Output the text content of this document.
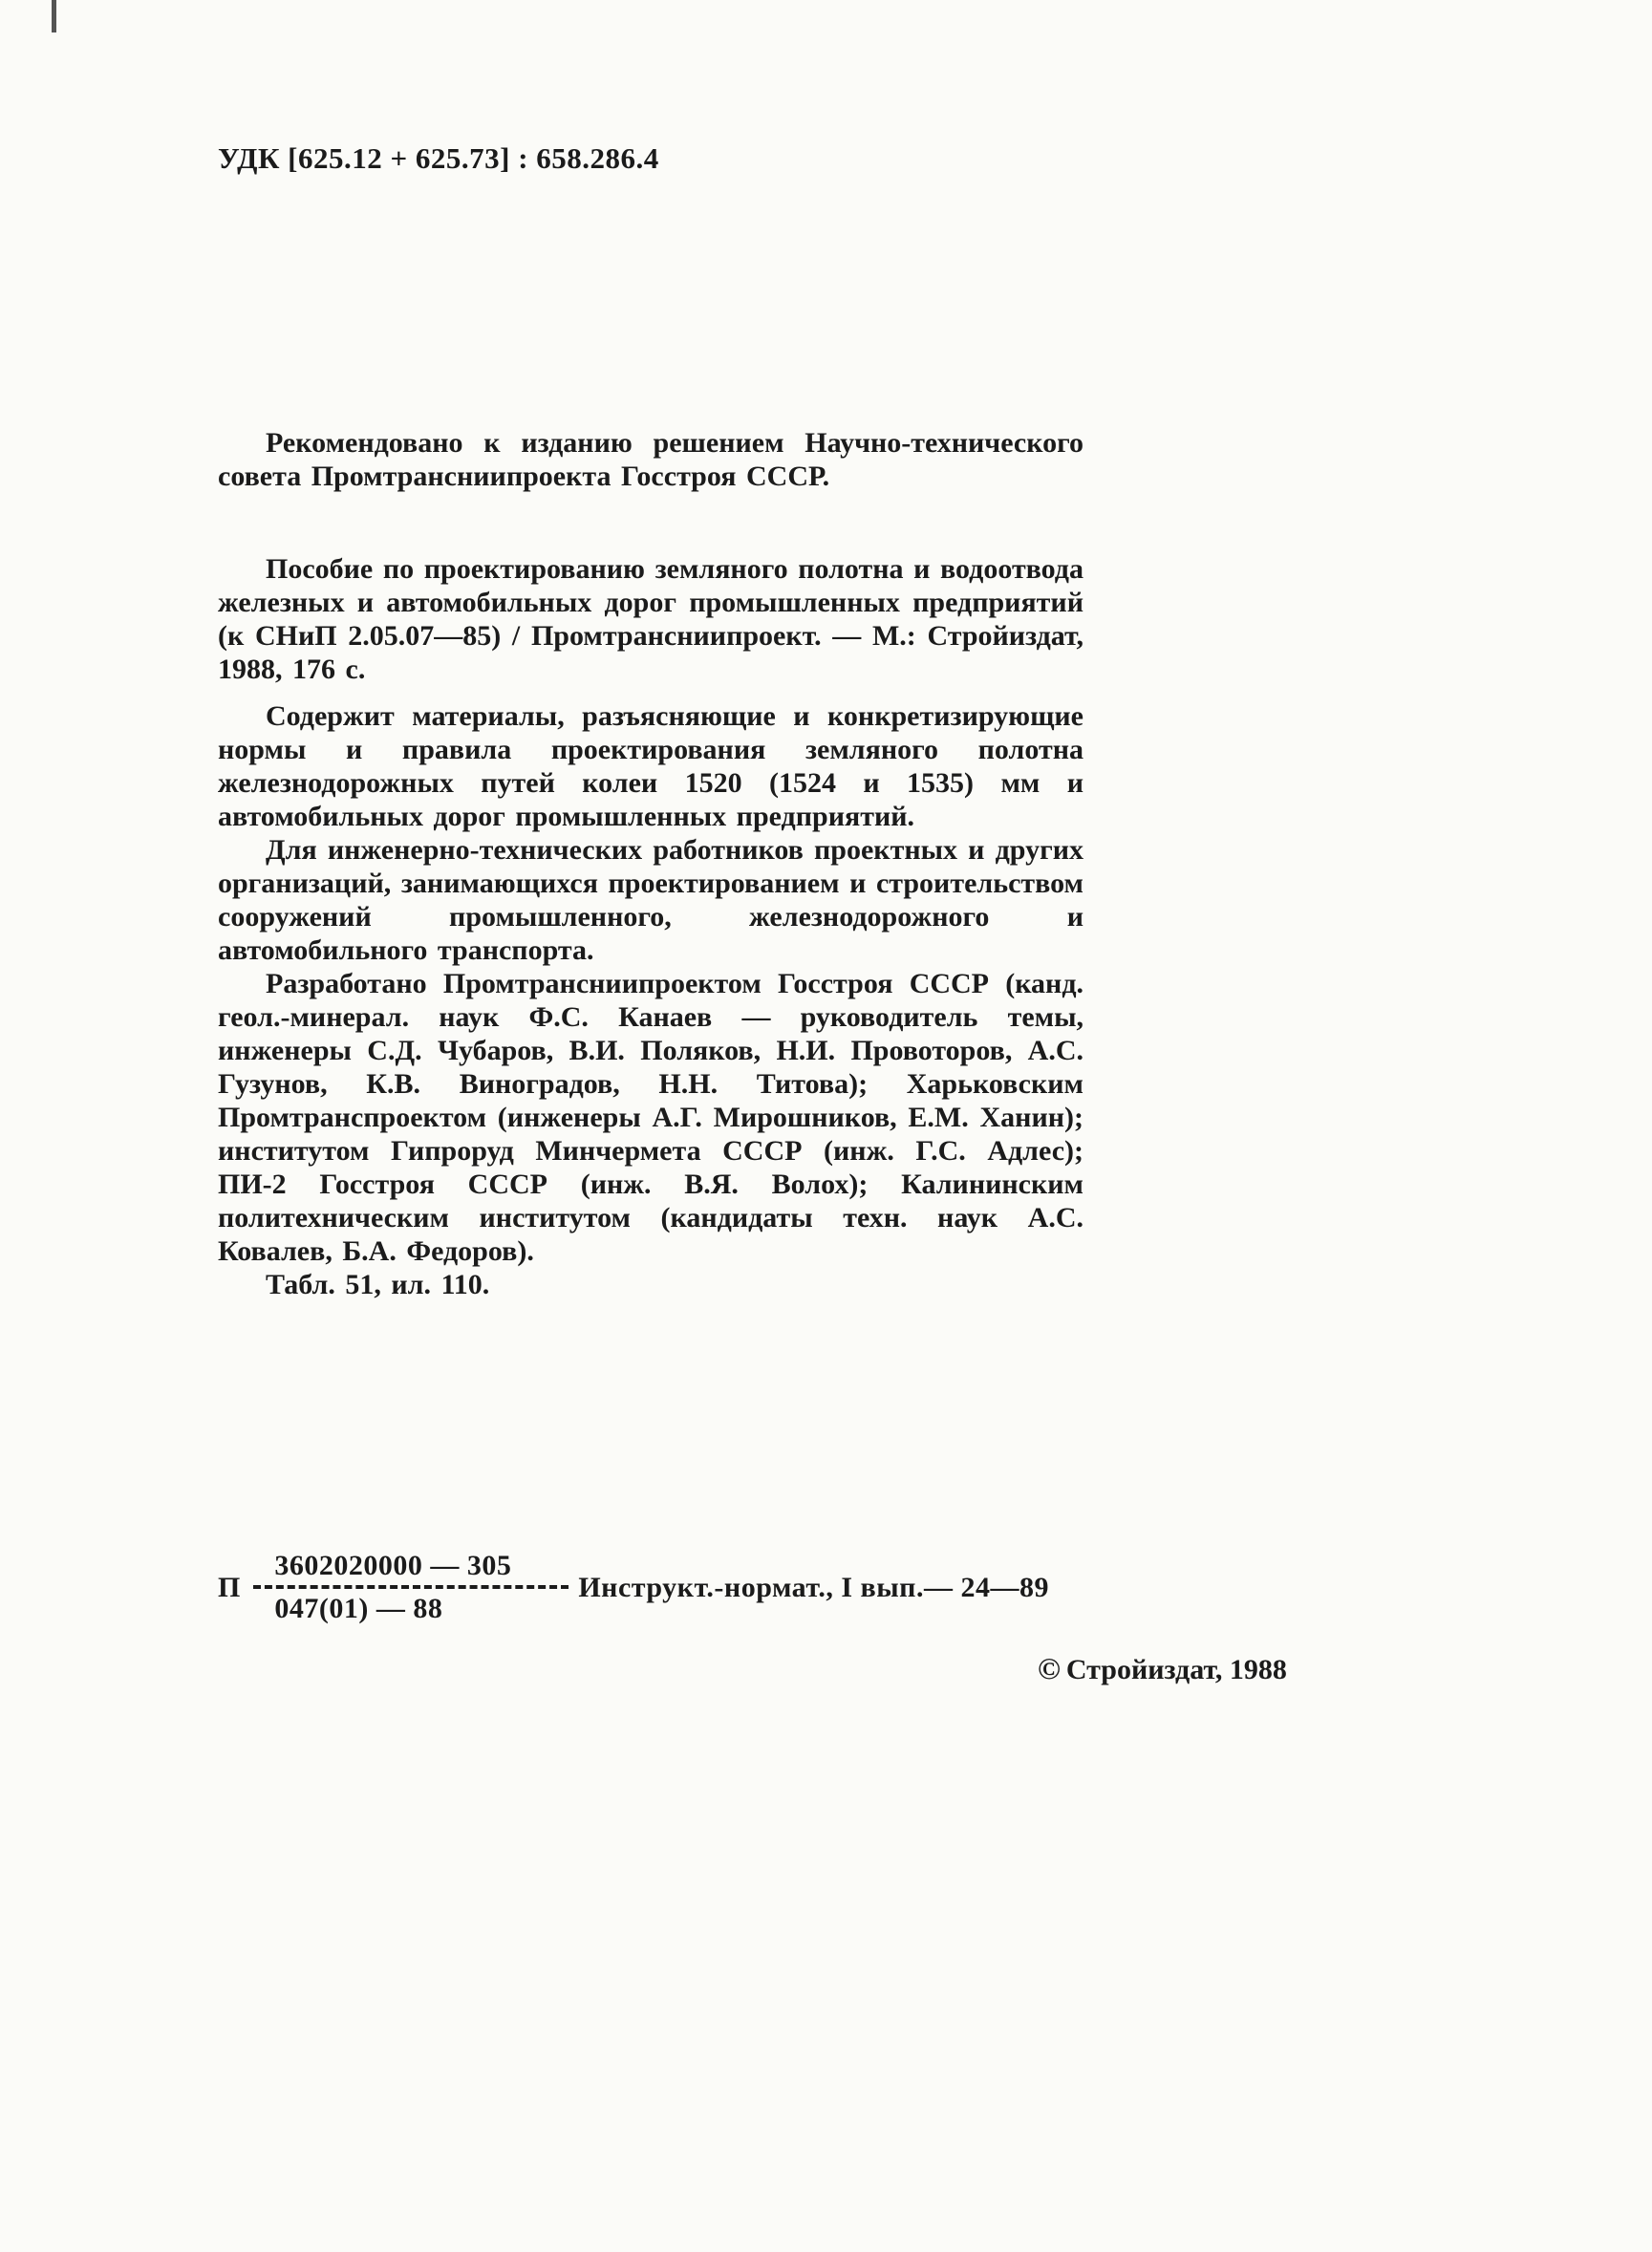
УДК [625.12 + 625.73] : 658.286.4

Рекомендовано к изданию решением Научно-технического совета Промтрансниипроекта Госстроя СССР.

Пособие по проектированию земляного полотна и водоотвода железных и автомобильных дорог промышленных предприятий (к СНиП 2.05.07—85) / Промтрансниипроект. — М.: Стройиздат, 1988, 176 с.

Содержит материалы, разъясняющие и конкретизирующие нормы и правила проектирования земляного полотна железнодорожных путей колеи 1520 (1524 и 1535) мм и автомобильных дорог промышленных предприятий.

Для инженерно-технических работников проектных и других организаций, занимающихся проектированием и строительством сооружений промышленного, железнодорожного и автомобильного транспорта.

Разработано Промтрансниипроектом Госстроя СССР (канд. геол.-минерал. наук Ф.С. Канаев — руководитель темы, инженеры С.Д. Чубаров, В.И. Поляков, Н.И. Провоторов, А.С. Гузунов, К.В. Виноградов, Н.Н. Титова); Харьковским Промтранспроектом (инженеры А.Г. Мирошников, Е.М. Ханин); институтом Гипроруд Минчермета СССР (инж. Г.С. Адлес); ПИ-2 Госстроя СССР (инж. В.Я. Волох); Калининским политехническим институтом (кандидаты техн. наук А.С. Ковалев, Б.А. Федоров).

Табл. 51, ил. 110.

П $\frac{3602020000 — 305}{047(01) — 88}$ Инструкт.-нормат., I вып.— 24—89
© Стройиздат, 1988
